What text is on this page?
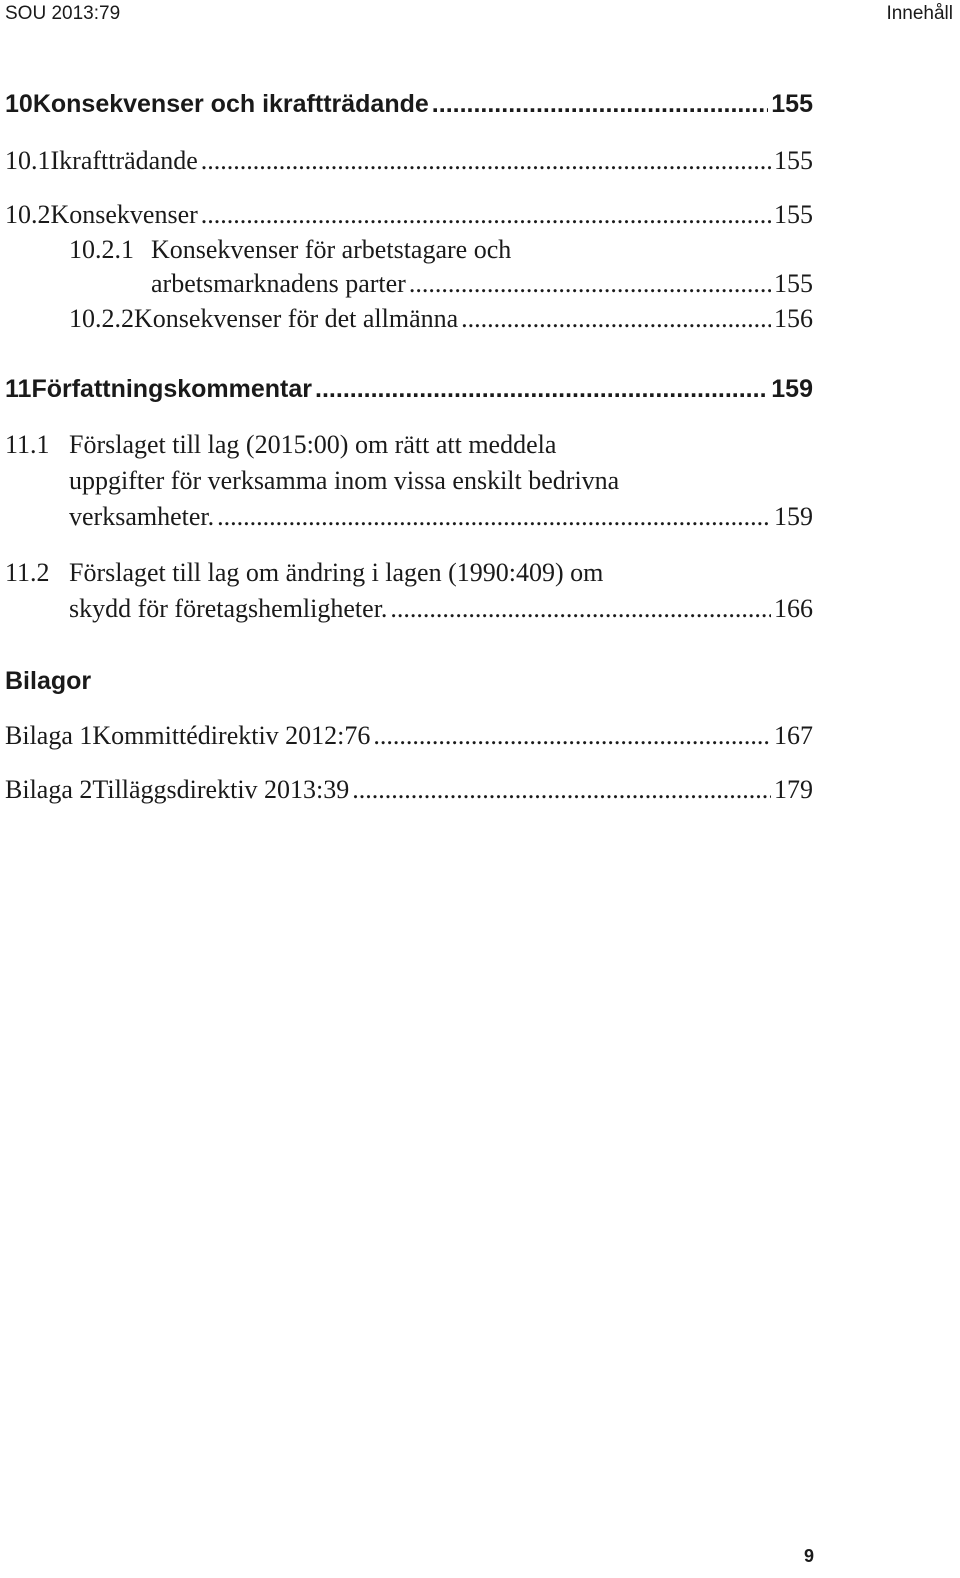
SOU 2013:79	Innehåll
10 Konsekvenser och ikraftträdande .....	155
10.1 Ikraftträdande .....	155
10.2 Konsekvenser .....	155
10.2.1 Konsekvenser för arbetstagare och
arbetsmarknadens parter .....	155
10.2.2 Konsekvenser för det allmänna .....	156
11 Författningskommentar .....	159
11.1 Förslaget till lag (2015:00) om rätt att meddela
uppgifter för verksamma inom vissa enskilt bedrivna
verksamheter. .....	159
11.2 Förslaget till lag om ändring i lagen (1990:409) om
skydd för företagshemligheter. .....	166
Bilagor
Bilaga 1 Kommittédirektiv 2012:76 .....	167
Bilaga 2 Tilläggsdirektiv 2013:39 .....	179
9
